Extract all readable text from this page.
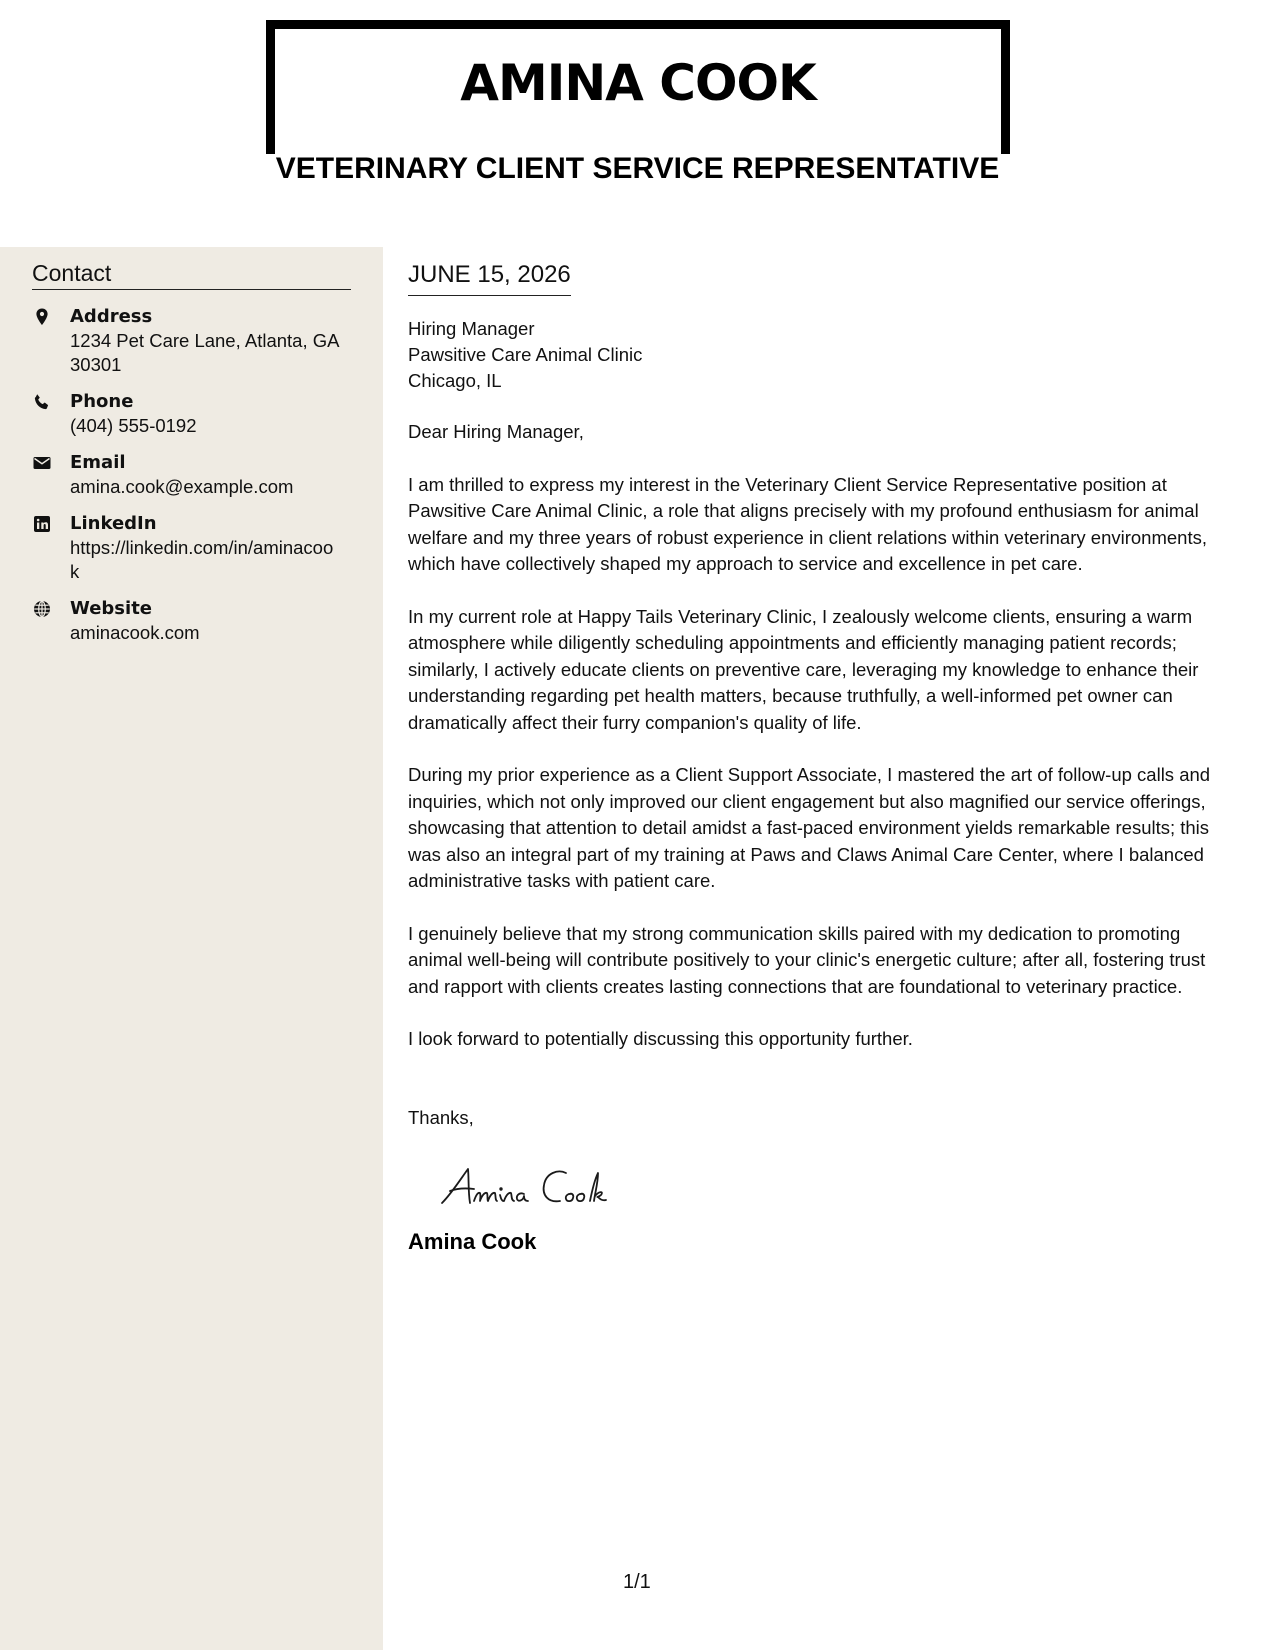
AMINA COOK
VETERINARY CLIENT SERVICE REPRESENTATIVE
Contact
Address
1234 Pet Care Lane, Atlanta, GA 30301
Phone
(404) 555-0192
Email
amina.cook@example.com
LinkedIn
https://linkedin.com/in/aminacook
Website
aminacook.com
JUNE 15, 2026
Hiring Manager
Pawsitive Care Animal Clinic
Chicago, IL
Dear Hiring Manager,
I am thrilled to express my interest in the Veterinary Client Service Representative position at Pawsitive Care Animal Clinic, a role that aligns precisely with my profound enthusiasm for animal welfare and my three years of robust experience in client relations within veterinary environments, which have collectively shaped my approach to service and excellence in pet care.
In my current role at Happy Tails Veterinary Clinic, I zealously welcome clients, ensuring a warm atmosphere while diligently scheduling appointments and efficiently managing patient records; similarly, I actively educate clients on preventive care, leveraging my knowledge to enhance their understanding regarding pet health matters, because truthfully, a well-informed pet owner can dramatically affect their furry companion's quality of life.
During my prior experience as a Client Support Associate, I mastered the art of follow-up calls and inquiries, which not only improved our client engagement but also magnified our service offerings, showcasing that attention to detail amidst a fast-paced environment yields remarkable results; this was also an integral part of my training at Paws and Claws Animal Care Center, where I balanced administrative tasks with patient care.
I genuinely believe that my strong communication skills paired with my dedication to promoting animal well-being will contribute positively to your clinic's energetic culture; after all, fostering trust and rapport with clients creates lasting connections that are foundational to veterinary practice.
I look forward to potentially discussing this opportunity further.
Thanks,
Amina Cook
1/1
